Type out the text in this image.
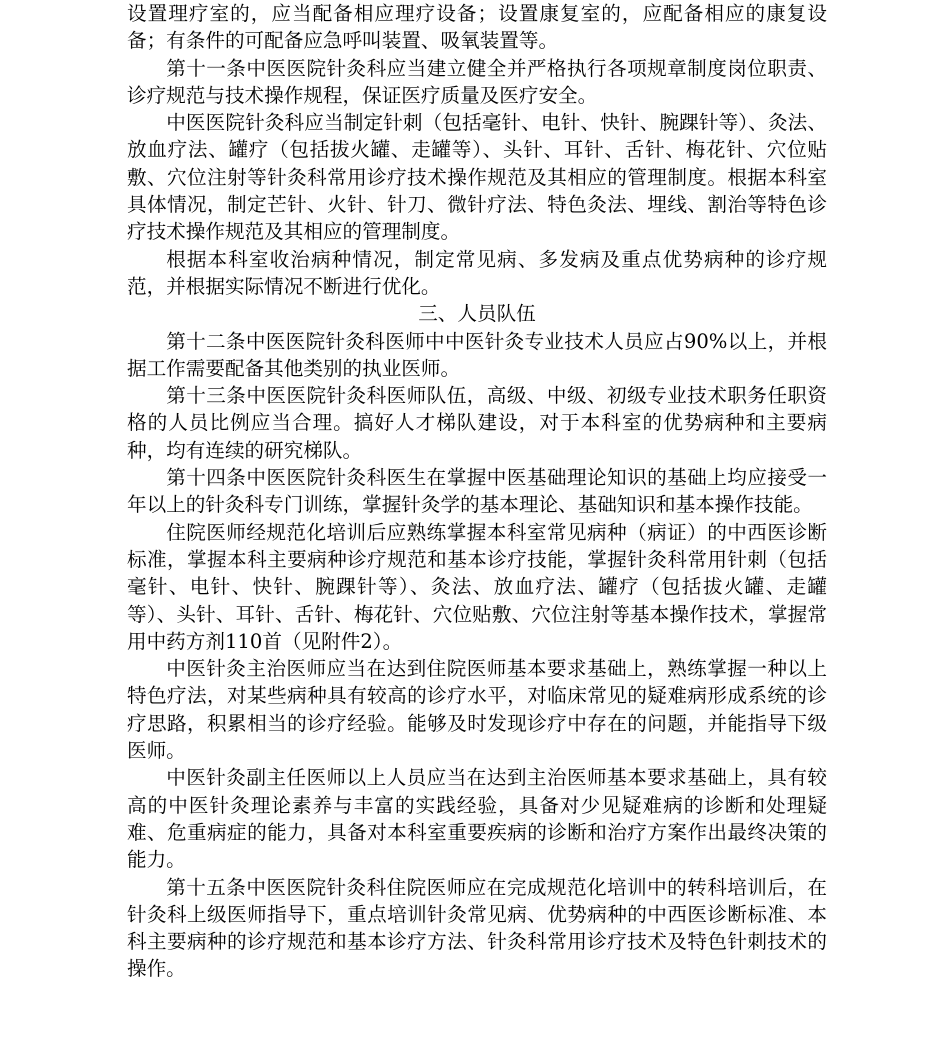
设置理疗室的，应当配备相应理疗设备；设置康复室的，应配备相应的康复设备；有条件的可配备应急呼叫装置、吸氧装置等。

第十一条中医医院针灸科应当建立健全并严格执行各项规章制度岗位职责、诊疗规范与技术操作规程，保证医疗质量及医疗安全。

中医医院针灸科应当制定针刺（包括毫针、电针、快针、腕踝针等）、灸法、放血疗法、罐疗（包括拔火罐、走罐等）、头针、耳针、舌针、梅花针、穴位贴敷、穴位注射等针灸科常用诊疗技术操作规范及其相应的管理制度。根据本科室具体情况，制定芒针、火针、针刀、微针疗法、特色灸法、埋线、割治等特色诊疗技术操作规范及其相应的管理制度。

根据本科室收治病种情况，制定常见病、多发病及重点优势病种的诊疗规范，并根据实际情况不断进行优化。

三、人员队伍

第十二条中医医院针灸科医师中中医针灸专业技术人员应占90%以上，并根据工作需要配备其他类别的执业医师。

第十三条中医医院针灸科医师队伍，高级、中级、初级专业技术职务任职资格的人员比例应当合理。搞好人才梯队建设，对于本科室的优势病种和主要病种，均有连续的研究梯队。

第十四条中医医院针灸科医生在掌握中医基础理论知识的基础上均应接受一年以上的针灸科专门训练，掌握针灸学的基本理论、基础知识和基本操作技能。

住院医师经规范化培训后应熟练掌握本科室常见病种（病证）的中西医诊断标准，掌握本科主要病种诊疗规范和基本诊疗技能，掌握针灸科常用针刺（包括毫针、电针、快针、腕踝针等）、灸法、放血疗法、罐疗（包括拔火罐、走罐等）、头针、耳针、舌针、梅花针、穴位贴敷、穴位注射等基本操作技术，掌握常用中药方剂110首（见附件2）。

中医针灸主治医师应当在达到住院医师基本要求基础上，熟练掌握一种以上特色疗法，对某些病种具有较高的诊疗水平，对临床常见的疑难病形成系统的诊疗思路，积累相当的诊疗经验。能够及时发现诊疗中存在的问题，并能指导下级医师。

中医针灸副主任医师以上人员应当在达到主治医师基本要求基础上，具有较高的中医针灸理论素养与丰富的实践经验，具备对少见疑难病的诊断和处理疑难、危重病症的能力，具备对本科室重要疾病的诊断和治疗方案作出最终决策的能力。

第十五条中医医院针灸科住院医师应在完成规范化培训中的转科培训后，在针灸科上级医师指导下，重点培训针灸常见病、优势病种的中西医诊断标准、本科主要病种的诊疗规范和基本诊疗方法、针灸科常用诊疗技术及特色针刺技术的操作。
